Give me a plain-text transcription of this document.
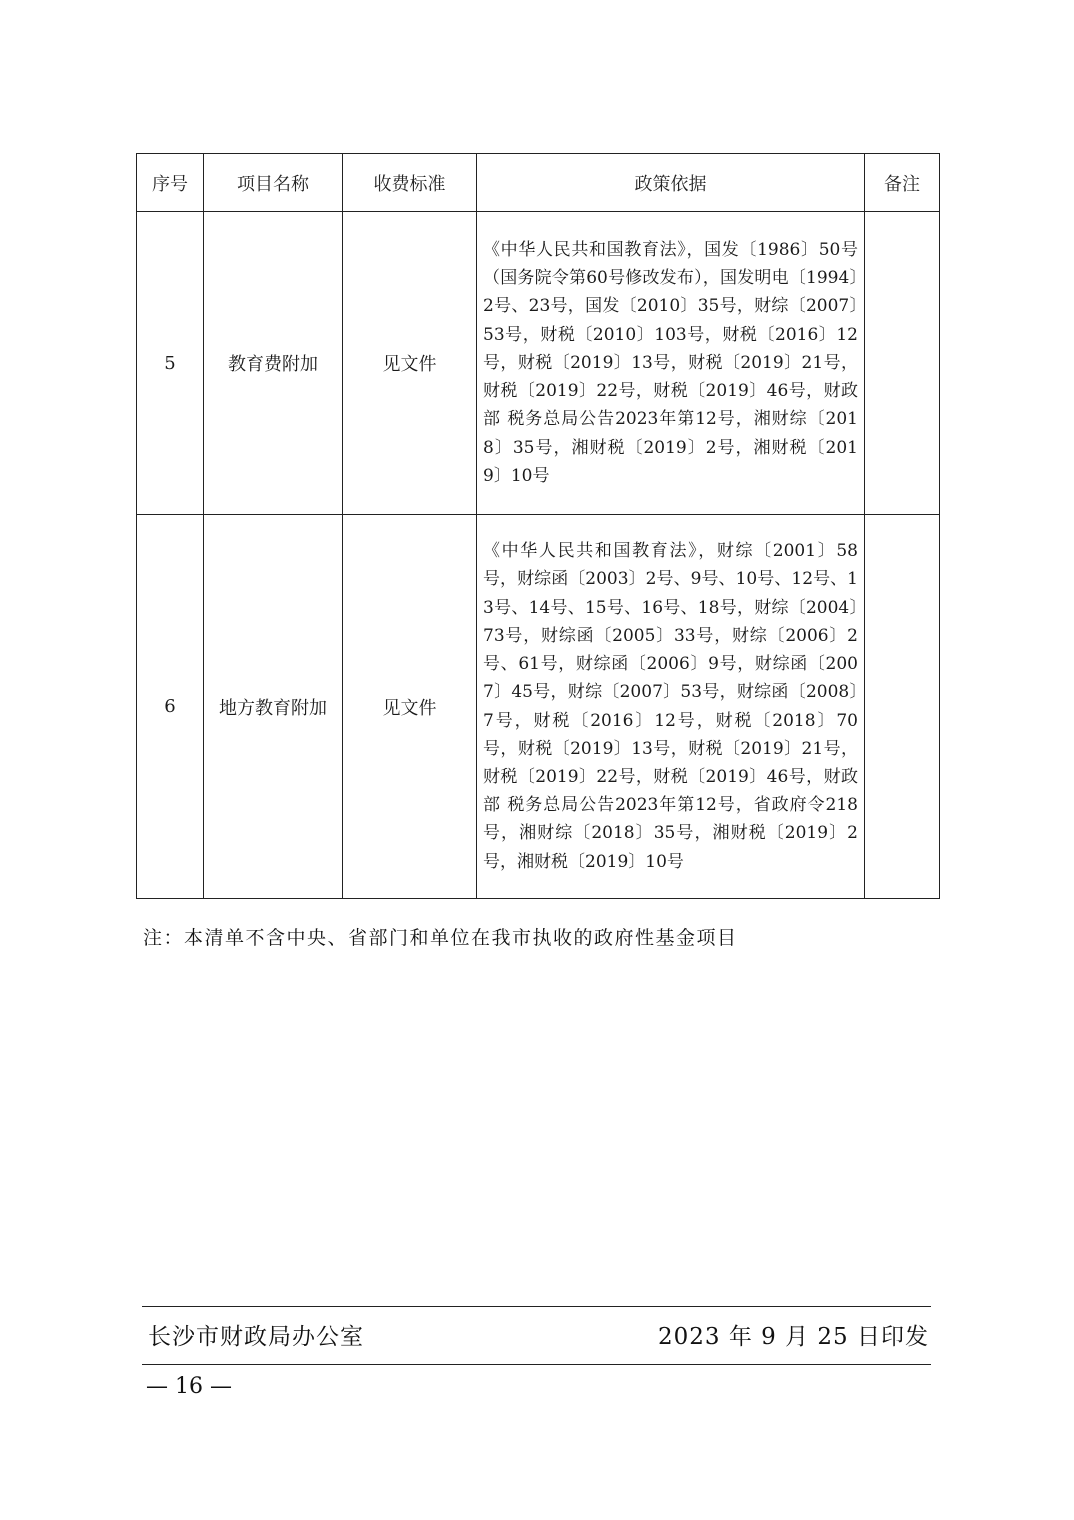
序号	项目名称	收费标准	政策依据	备注
5	教育费附加	见文件	《中华人民共和国教育法》，国发〔1986〕50号（国务院令第60号修改发布），国发明电〔1994〕2号、23号，国发〔2010〕35号，财综〔2007〕53号，财税〔2010〕103号，财税〔2016〕12号，财税〔2019〕13号，财税〔2019〕21号，财税〔2019〕22号，财税〔2019〕46号，财政部 税务总局公告2023年第12号，湘财综〔2018〕35号，湘财税〔2019〕2号，湘财税〔2019〕10号	

6	地方教育附加	见文件	《中华人民共和国教育法》，财综〔2001〕58号，财综函〔2003〕2号、9号、10号、12号、13号、14号、15号、16号、18号，财综〔2004〕73号，财综函〔2005〕33号，财综〔2006〕2号、61号，财综函〔2006〕9号，财综函〔2007〕45号，财综〔2007〕53号，财综函〔2008〕7号，财税〔2016〕12号，财税〔2018〕70号，财税〔2019〕13号，财税〔2019〕21号，财税〔2019〕22号，财税〔2019〕46号，财政部 税务总局公告2023年第12号，省政府令218号，湘财综〔2018〕35号，湘财税〔2019〕2号，湘财税〔2019〕10号	

注：本清单不含中央、省部门和单位在我市执收的政府性基金项目
长沙市财政局办公室	2023 年 9 月 25 日印发
— 16 —
